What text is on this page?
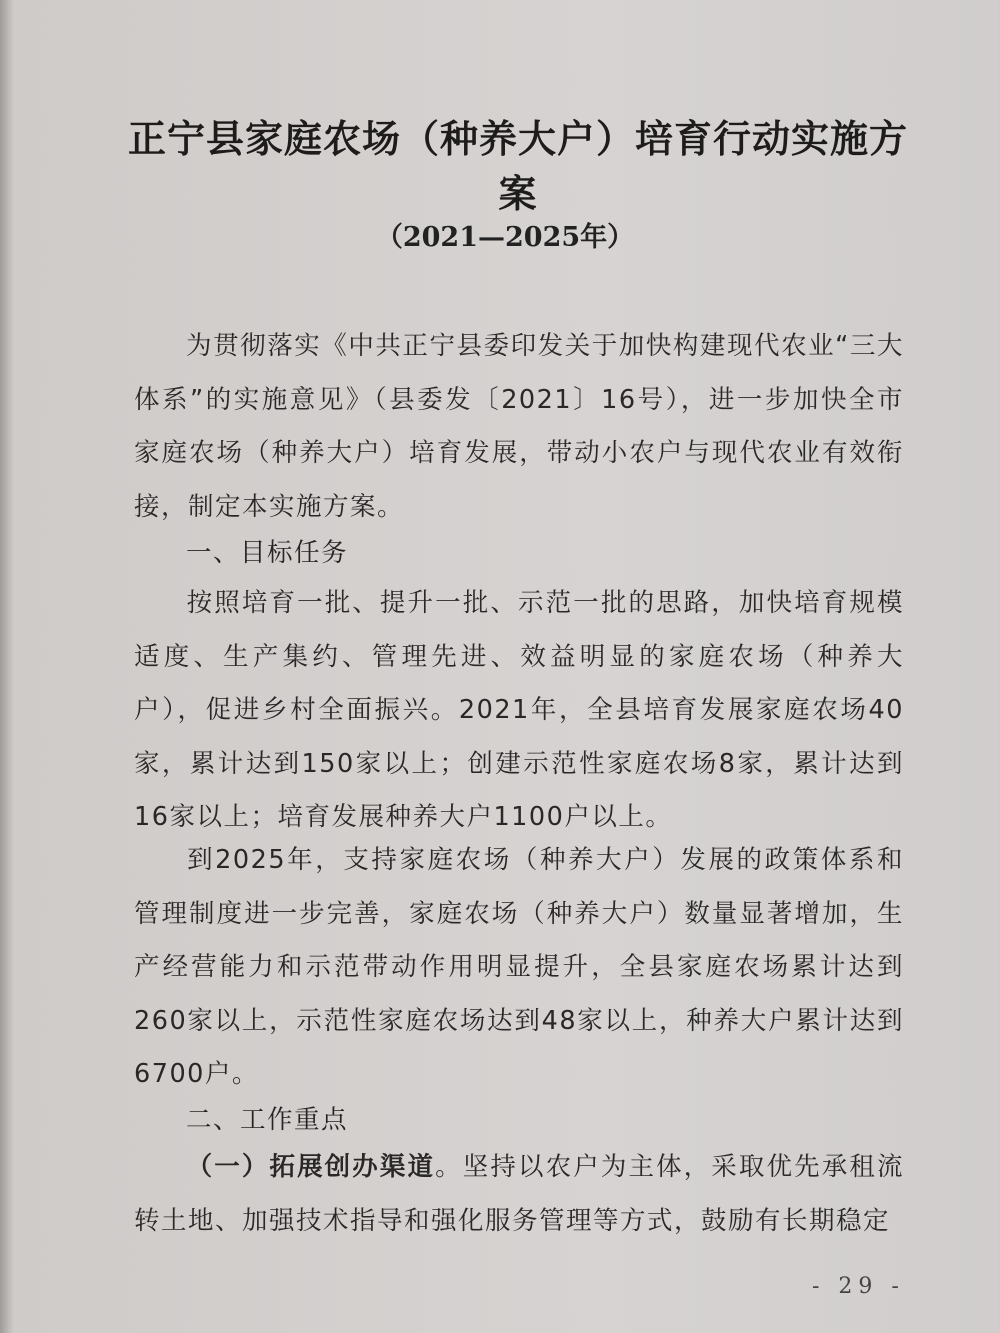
正宁县家庭农场（种养大户）培育行动实施方案
（2021—2025年）
为贯彻落实《中共正宁县委印发关于加快构建现代农业“三大体系”的实施意见》（县委发〔2021〕16号），进一步加快全市家庭农场（种养大户）培育发展，带动小农户与现代农业有效衔接，制定本实施方案。
一、目标任务
按照培育一批、提升一批、示范一批的思路，加快培育规模适度、生产集约、管理先进、效益明显的家庭农场（种养大户），促进乡村全面振兴。2021年，全县培育发展家庭农场40家，累计达到150家以上；创建示范性家庭农场8家，累计达到16家以上；培育发展种养大户1100户以上。
到2025年，支持家庭农场（种养大户）发展的政策体系和管理制度进一步完善，家庭农场（种养大户）数量显著增加，生产经营能力和示范带动作用明显提升，全县家庭农场累计达到260家以上，示范性家庭农场达到48家以上，种养大户累计达到6700户。
二、工作重点
（一）拓展创办渠道。坚持以农户为主体，采取优先承租流转土地、加强技术指导和强化服务管理等方式，鼓励有长期稳定
- 29 -
